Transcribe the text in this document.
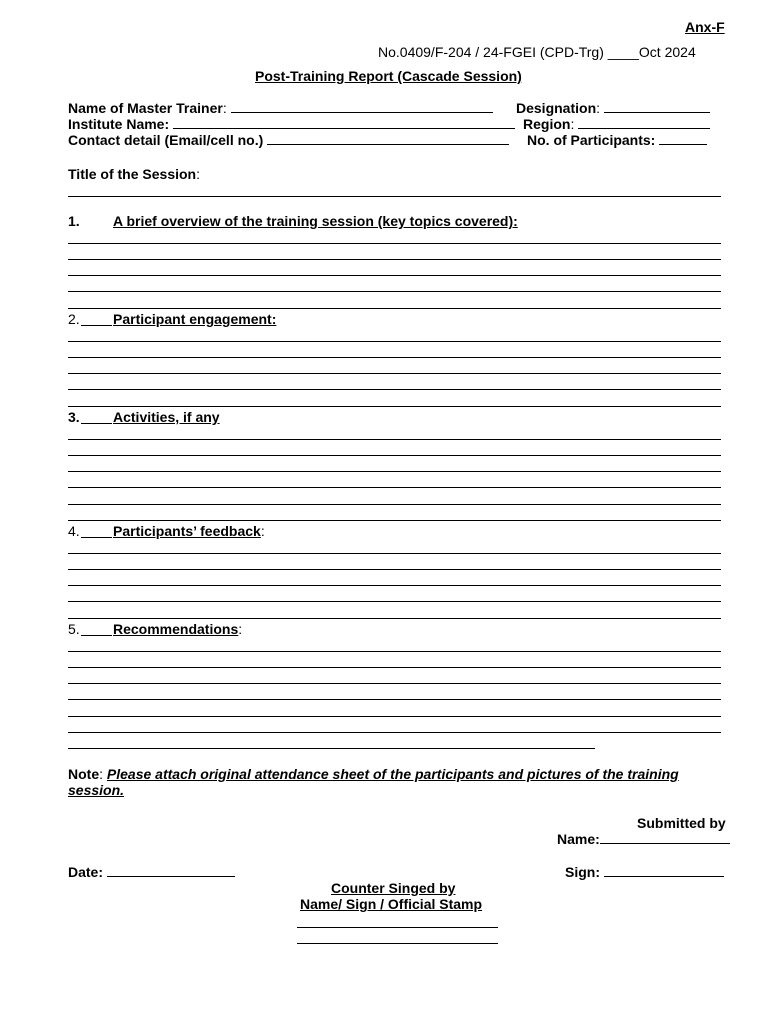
Anx-F
No.0409/F-204 / 24-FGEI (CPD-Trg) ____Oct 2024
Post-Training Report (Cascade Session)
Name of Master Trainer:	Designation:
Institute Name:	Region:
Contact detail (Email/cell no.)	No. of Participants:
Title of the Session:
1. A brief overview of the training session (key topics covered):
2. Participant engagement:
3. Activities, if any
4. Participants’ feedback:
5. Recommendations:
Note: Please attach original attendance sheet of the participants and pictures of the training
session.
Submitted by
Name:
Date:	Sign:
Counter Singed by
Name/ Sign / Official Stamp
